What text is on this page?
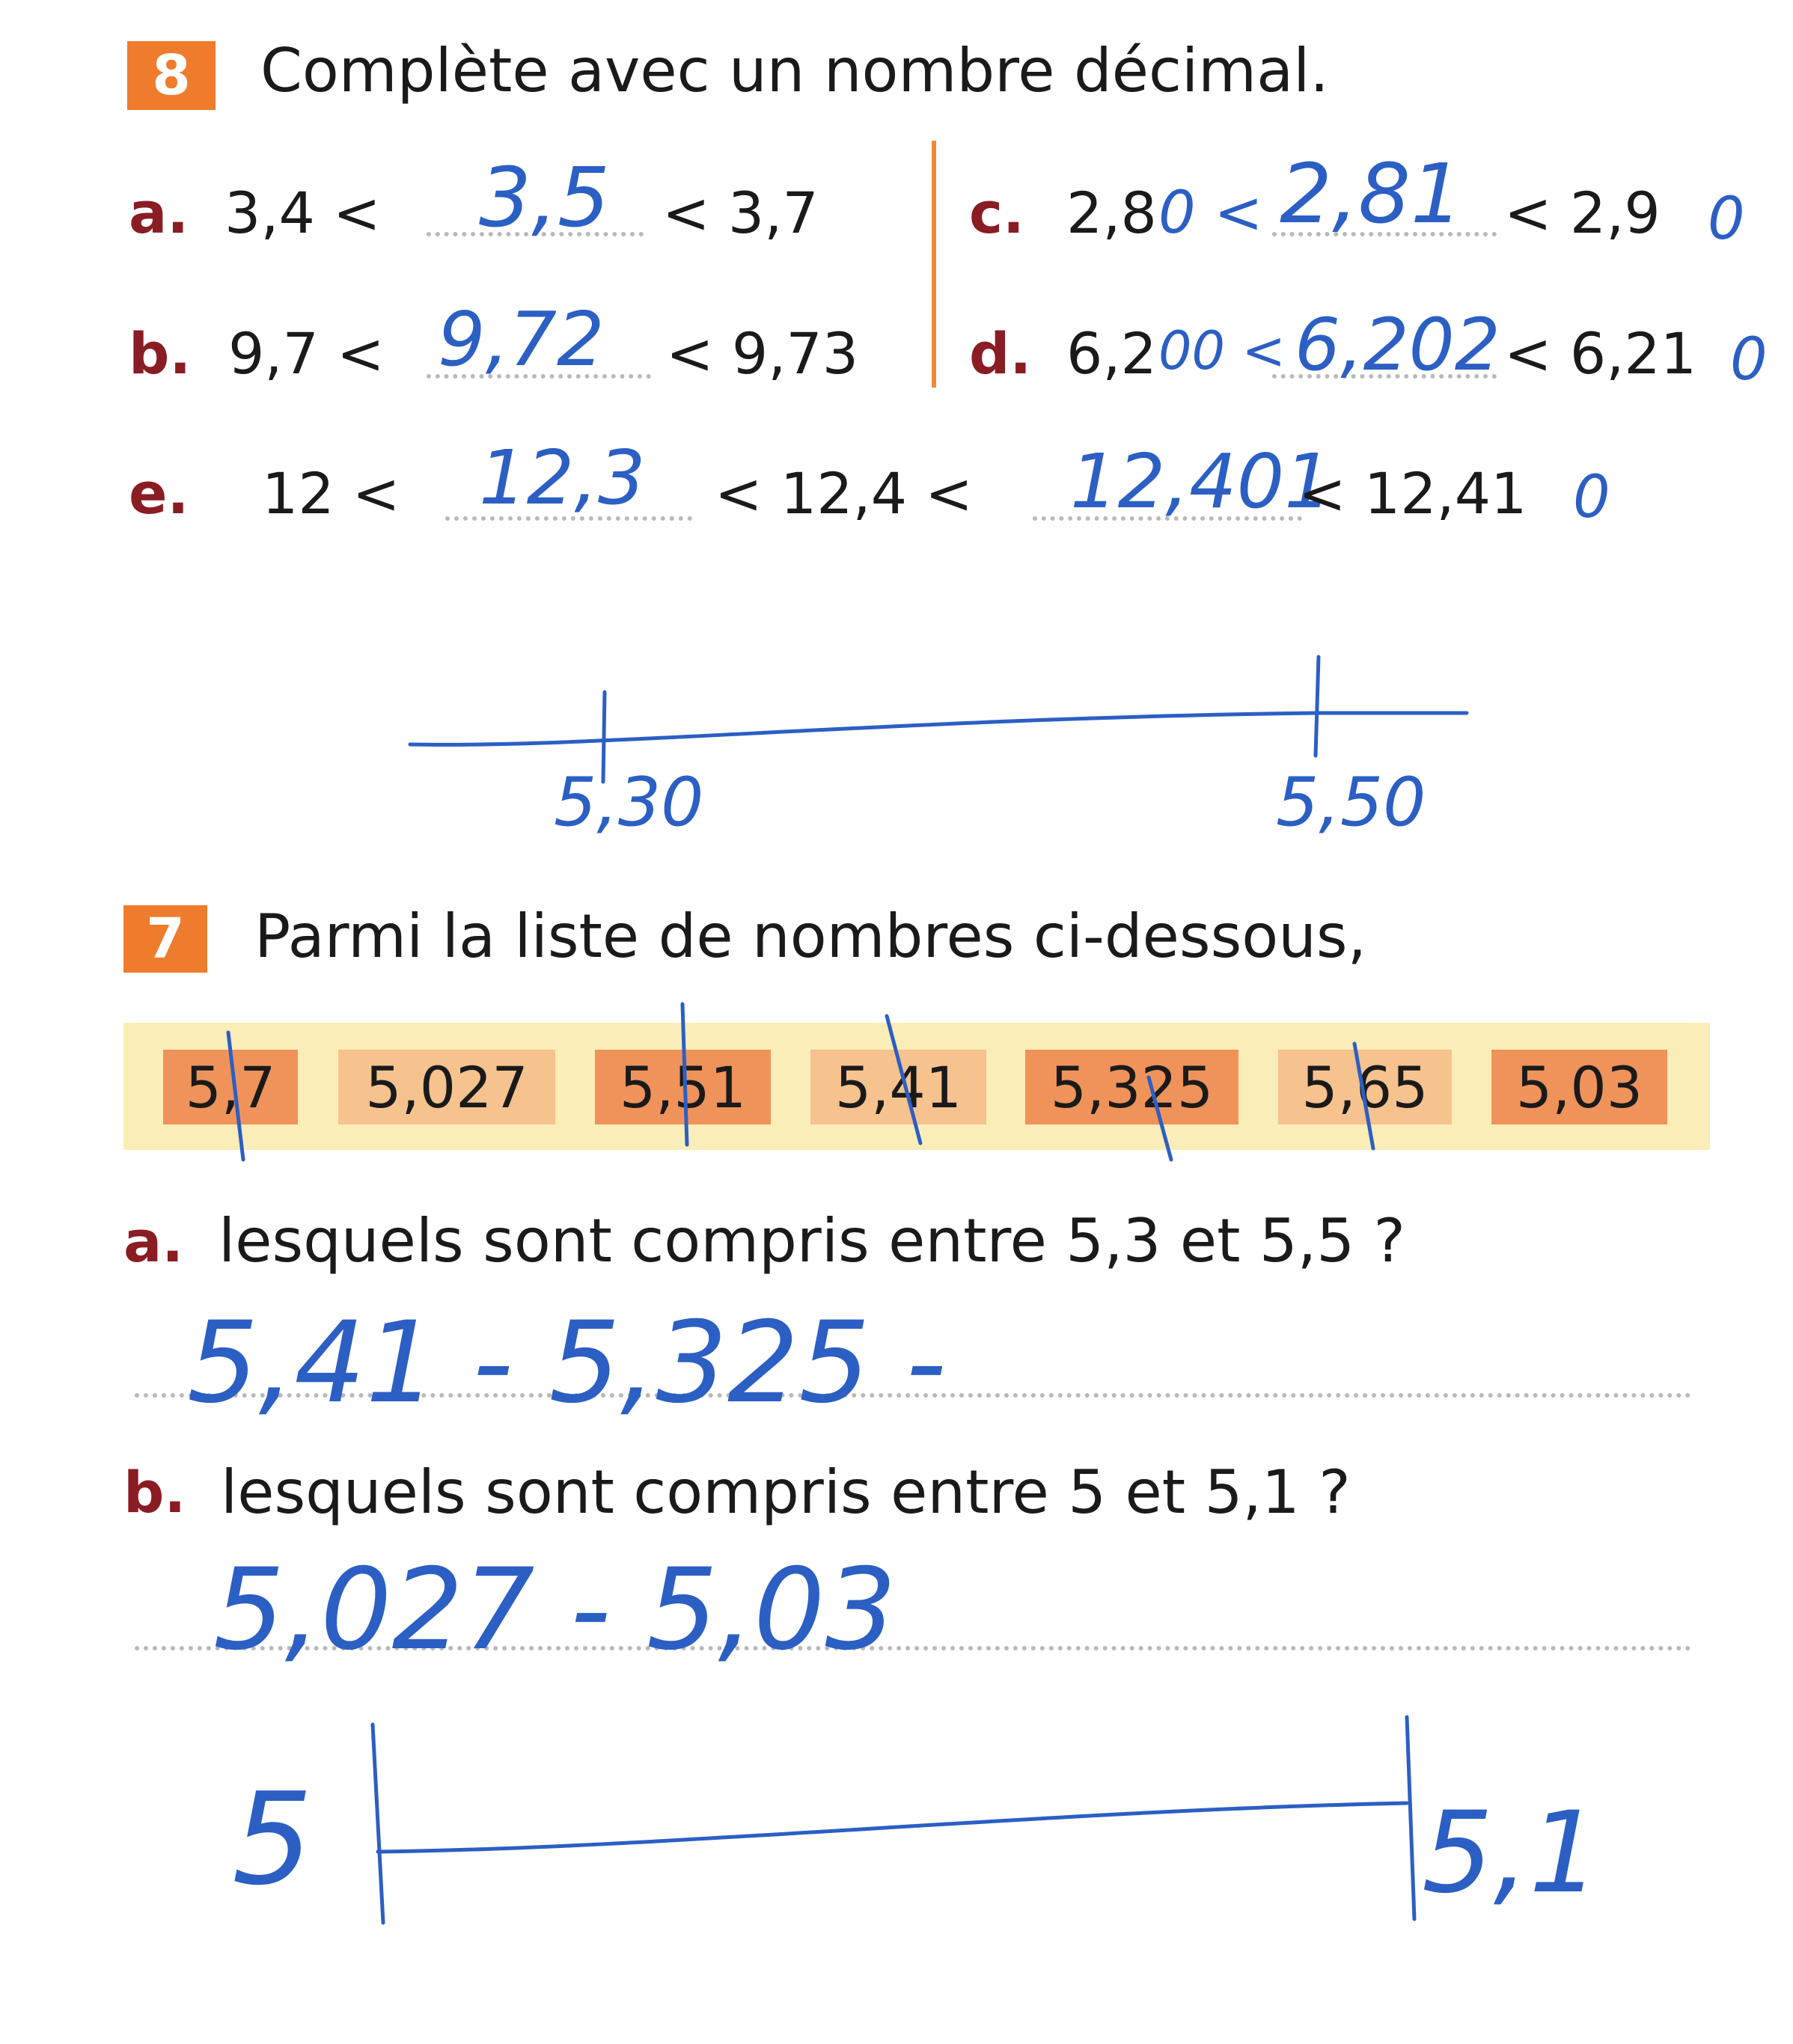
8	Complète avec un nombre décimal.
a. 3,4 < 3,5 < 3,7	c. 2,8 0 < 2,81 < 2,9 0
b. 9,7 < 9,72 < 9,73 d. 6,2 00 < 6,202 < 6,21 0
e. 12 < 12,3 < 12,4 < 12,401
< 12,41 0
5,30	5,50
7	Parmi la liste de nombres ci-dessous,
5,7	5,027	5,51	5,41	5,325	5,65	5,03
a. lesquels sont compris entre 5,3 et 5,5 ?
5,41 - 5,325 -
b. lesquels sont compris entre 5 et 5,1 ?
5,027 - 5,03
5	5,1
